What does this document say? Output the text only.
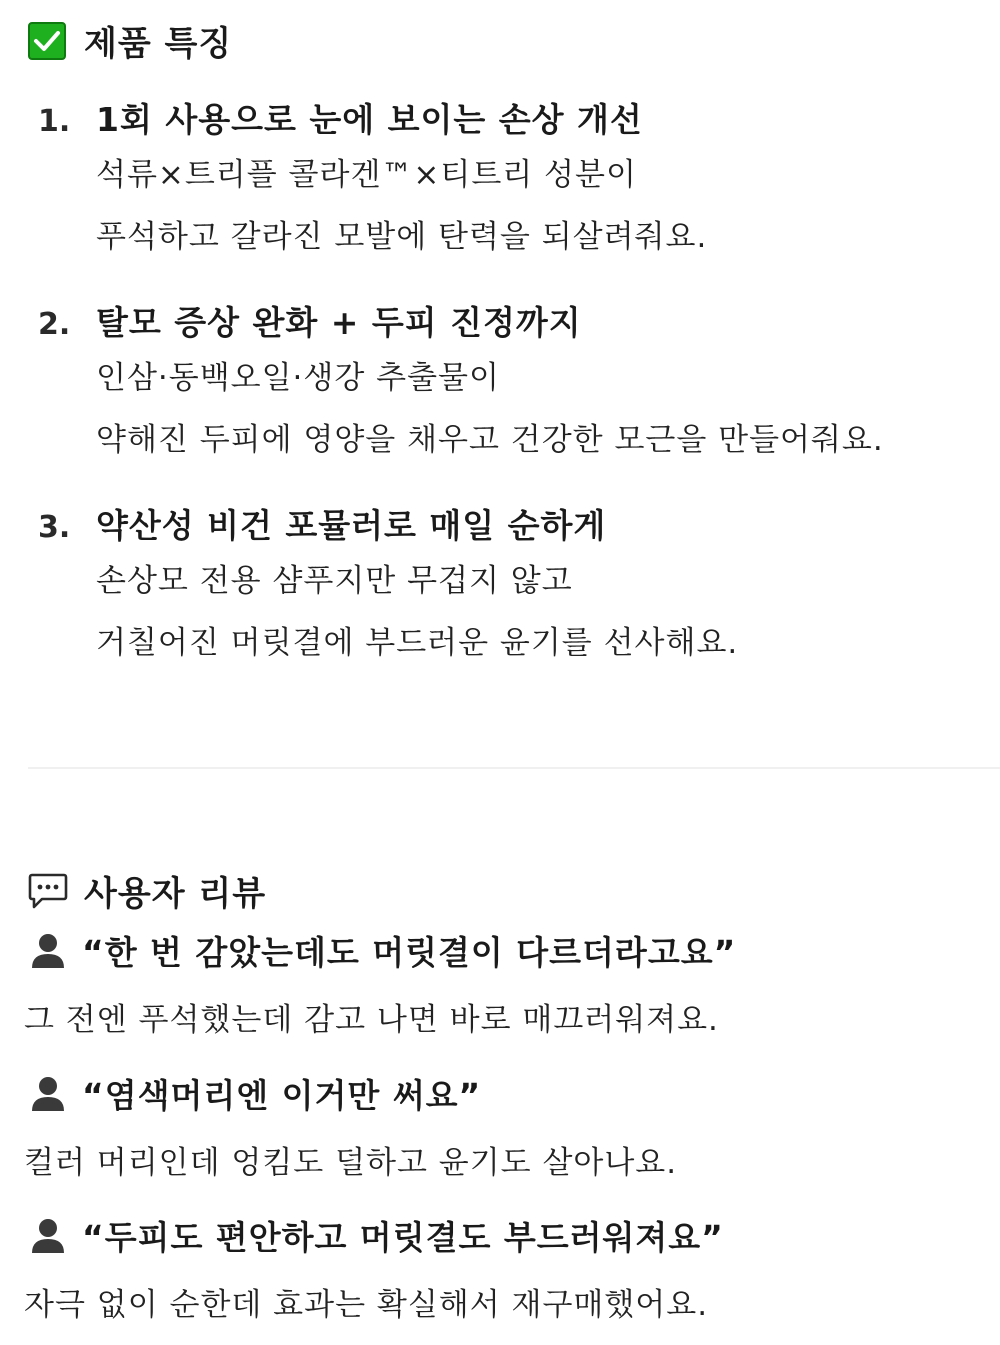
제품 특징
1. 1회 사용으로 눈에 보이는 손상 개선
석류×트리플 콜라겐™×티트리 성분이
푸석하고 갈라진 모발에 탄력을 되살려줘요.
2. 탈모 증상 완화 + 두피 진정까지
인삼·동백오일·생강 추출물이
약해진 두피에 영양을 채우고 건강한 모근을 만들어줘요.
3. 약산성 비건 포뮬러로 매일 순하게
손상모 전용 샴푸지만 무겁지 않고
거칠어진 머릿결에 부드러운 윤기를 선사해요.
사용자 리뷰
“한 번 감았는데도 머릿결이 다르더라고요”
그 전엔 푸석했는데 감고 나면 바로 매끄러워져요.
“염색머리엔 이거만 써요”
컬러 머리인데 엉킴도 덜하고 윤기도 살아나요.
“두피도 편안하고 머릿결도 부드러워져요”
자극 없이 순한데 효과는 확실해서 재구매했어요.
